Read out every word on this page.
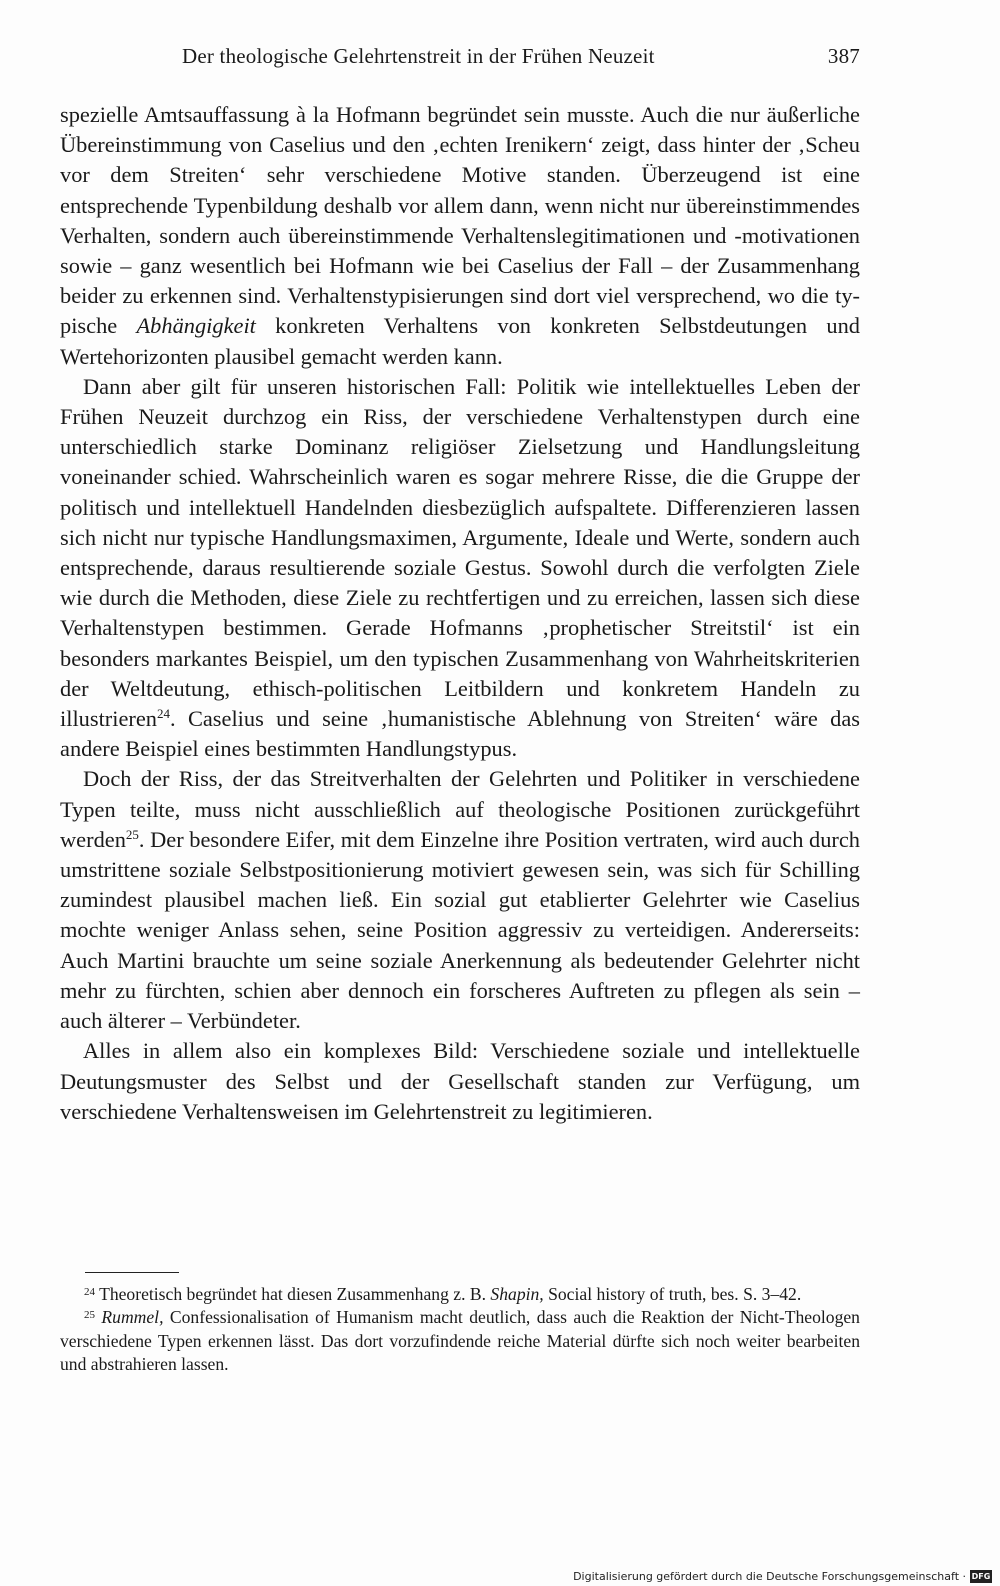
Der theologische Gelehrtenstreit in der Frühen Neuzeit	387

spezielle Amtsauffassung à la Hofmann begründet sein musste. Auch die nur äußerliche Übereinstimmung von Caselius und den ‚echten Irenikern‘ zeigt, dass hinter der ‚Scheu vor dem Streiten‘ sehr verschiedene Motive standen. Überzeugend ist eine entsprechende Typenbildung deshalb vor allem dann, wenn nicht nur übereinstimmendes Verhalten, sondern auch übereinstimmende Verhaltenslegitimationen und -motivationen sowie – ganz wesentlich bei Hofmann wie bei Caselius der Fall – der Zusammenhang beider zu erkennen sind. Verhaltenstypisierungen sind dort viel versprechend, wo die typische Abhängigkeit konkreten Verhaltens von konkreten Selbstdeutungen und Wertehorizonten plausibel gemacht werden kann.

Dann aber gilt für unseren historischen Fall: Politik wie intellektuelles Leben der Frühen Neuzeit durchzog ein Riss, der verschiedene Verhaltenstypen durch eine unterschiedlich starke Dominanz religiöser Zielsetzung und Handlungsleitung voneinander schied. Wahrscheinlich waren es sogar mehrere Risse, die die Gruppe der politisch und intellektuell Handelnden diesbezüglich aufspaltete. Differenzieren lassen sich nicht nur typische Handlungsmaximen, Argumente, Ideale und Werte, sondern auch entsprechende, daraus resultierende soziale Gestus. Sowohl durch die verfolgten Ziele wie durch die Methoden, diese Ziele zu rechtfertigen und zu erreichen, lassen sich diese Verhaltenstypen bestimmen. Gerade Hofmanns ‚prophetischer Streitstil‘ ist ein besonders markantes Beispiel, um den typischen Zusammenhang von Wahrheitskriterien der Weltdeutung, ethisch-politischen Leitbildern und konkretem Handeln zu illustrieren$^{24}$. Caselius und seine ‚humanistische Ablehnung von Streiten‘ wäre das andere Beispiel eines bestimmten Handlungstypus.

Doch der Riss, der das Streitverhalten der Gelehrten und Politiker in verschiedene Typen teilte, muss nicht ausschließlich auf theologische Positionen zurückgeführt werden$^{25}$. Der besondere Eifer, mit dem Einzelne ihre Position vertraten, wird auch durch umstrittene soziale Selbstpositionierung motiviert gewesen sein, was sich für Schilling zumindest plausibel machen ließ. Ein sozial gut etablierter Gelehrter wie Caselius mochte weniger Anlass sehen, seine Position aggressiv zu verteidigen. Andererseits: Auch Martini brauchte um seine soziale Anerkennung als bedeutender Gelehrter nicht mehr zu fürchten, schien aber dennoch ein forscheres Auftreten zu pflegen als sein – auch älterer – Verbündeter.

Alles in allem also ein komplexes Bild: Verschiedene soziale und intellektuelle Deutungsmuster des Selbst und der Gesellschaft standen zur Verfügung, um verschiedene Verhaltensweisen im Gelehrtenstreit zu legitimieren.

$^{24}$ Theoretisch begründet hat diesen Zusammenhang z. B. Shapin, Social history of truth, bes. S. 3–42.

$^{25}$ Rummel, Confessionalisation of Humanism macht deutlich, dass auch die Reaktion der Nicht-Theologen verschiedene Typen erkennen lässt. Das dort vorzufindende reiche Material dürfte sich noch weiter bearbeiten und abstrahieren lassen.

Digitalisierung gefördert durch die Deutsche Forschungsgemeinschaft · DFG
